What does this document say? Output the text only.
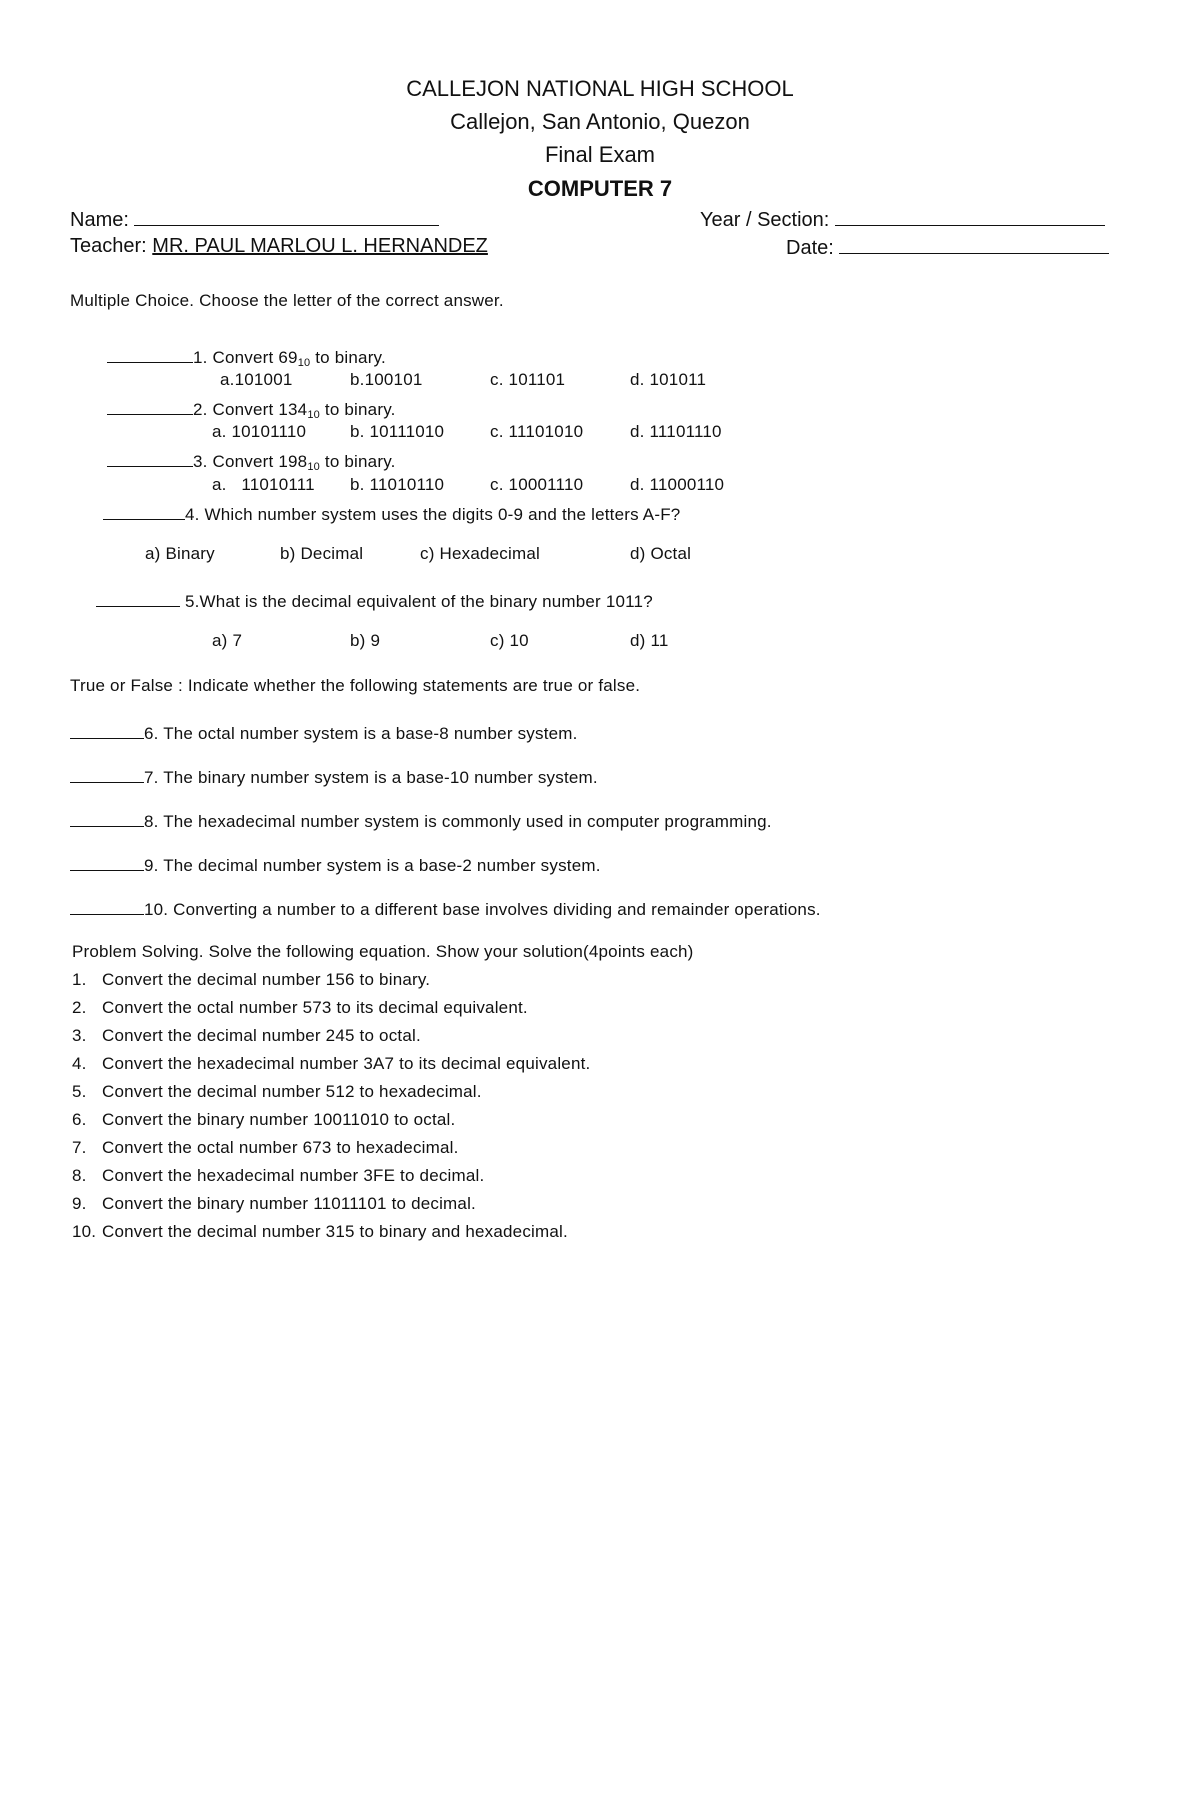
CALLEJON NATIONAL HIGH SCHOOL
Callejon, San Antonio, Quezon
Final Exam
COMPUTER 7
Name:	Year / Section:
Teacher: MR. PAUL MARLOU L. HERNANDEZ	Date:
Multiple Choice. Choose the letter of the correct answer.
1. Convert $69_{10}$ to binary.
a.101001	b.100101	c. 101101	d. 101011
2. Convert $134_{10}$ to binary.
a. 10101110	b. 10111010	c. 11101010	d. 11101110
3. Convert $198_{10}$ to binary.
a. 11010111 b. 11010110	c. 10001110	d. 11000110
4. Which number system uses the digits 0-9 and the letters A-F?
a) Binary	b) Decimal	c) Hexadecimal	d) Octal
5.What is the decimal equivalent of the binary number 1011?
a) 7	b) 9	c) 10	d) 11
True or False : Indicate whether the following statements are true or false.
6. The octal number system is a base-8 number system.
7. The binary number system is a base-10 number system.
8. The hexadecimal number system is commonly used in computer programming.
9. The decimal number system is a base-2 number system.
10. Converting a number to a different base involves dividing and remainder operations.
Problem Solving. Solve the following equation. Show your solution(4points each)
1. Convert the decimal number 156 to binary.
2. Convert the octal number 573 to its decimal equivalent.
3. Convert the decimal number 245 to octal.
4. Convert the hexadecimal number 3A7 to its decimal equivalent.
5. Convert the decimal number 512 to hexadecimal.
6. Convert the binary number 10011010 to octal.
7. Convert the octal number 673 to hexadecimal.
8. Convert the hexadecimal number 3FE to decimal.
9. Convert the binary number 11011101 to decimal.
10. Convert the decimal number 315 to binary and hexadecimal.
